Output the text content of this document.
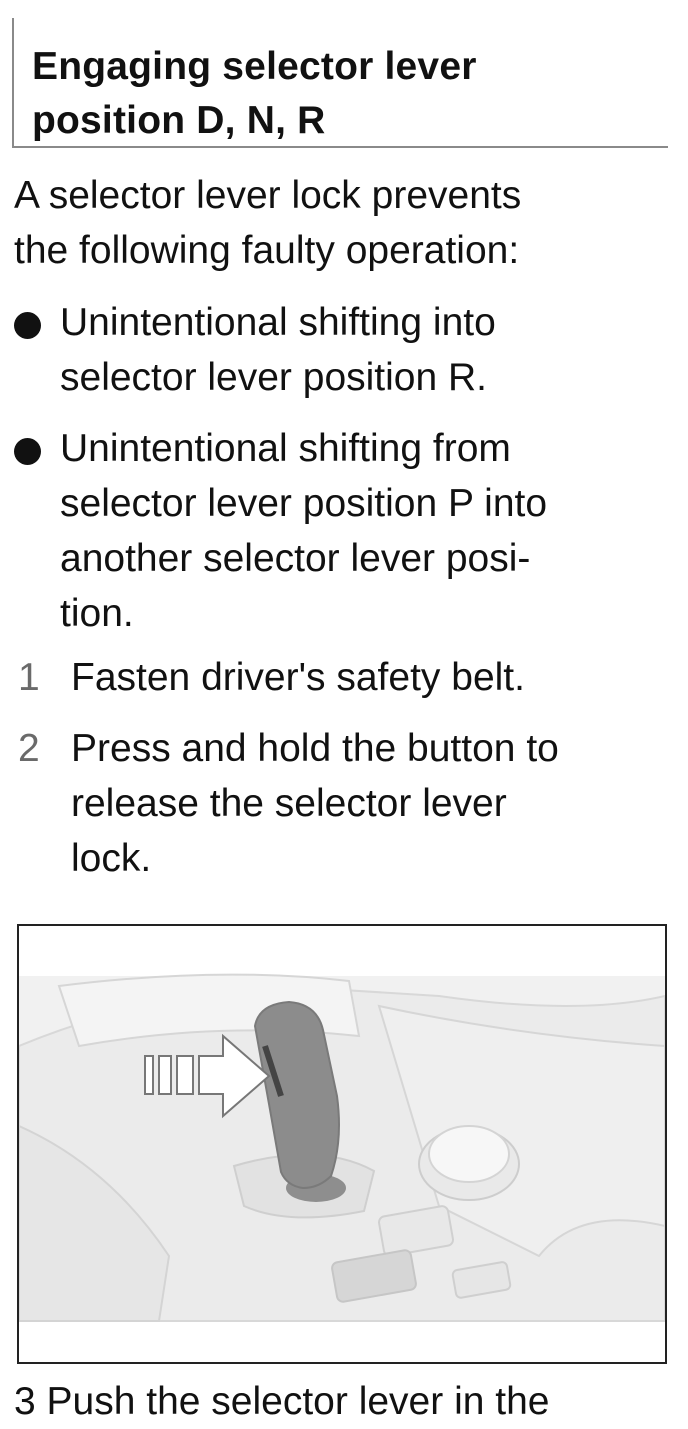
Engaging selector lever
position D, N, R

A selector lever lock prevents
the following faulty operation:

Unintentional shifting into
selector lever position R.
Unintentional shifting from
selector lever position P into
another selector lever posi-
tion.
1 Fasten driver's safety belt.
2 Press and hold the button to
release the selector lever
lock.
3 Push the selector lever in the
